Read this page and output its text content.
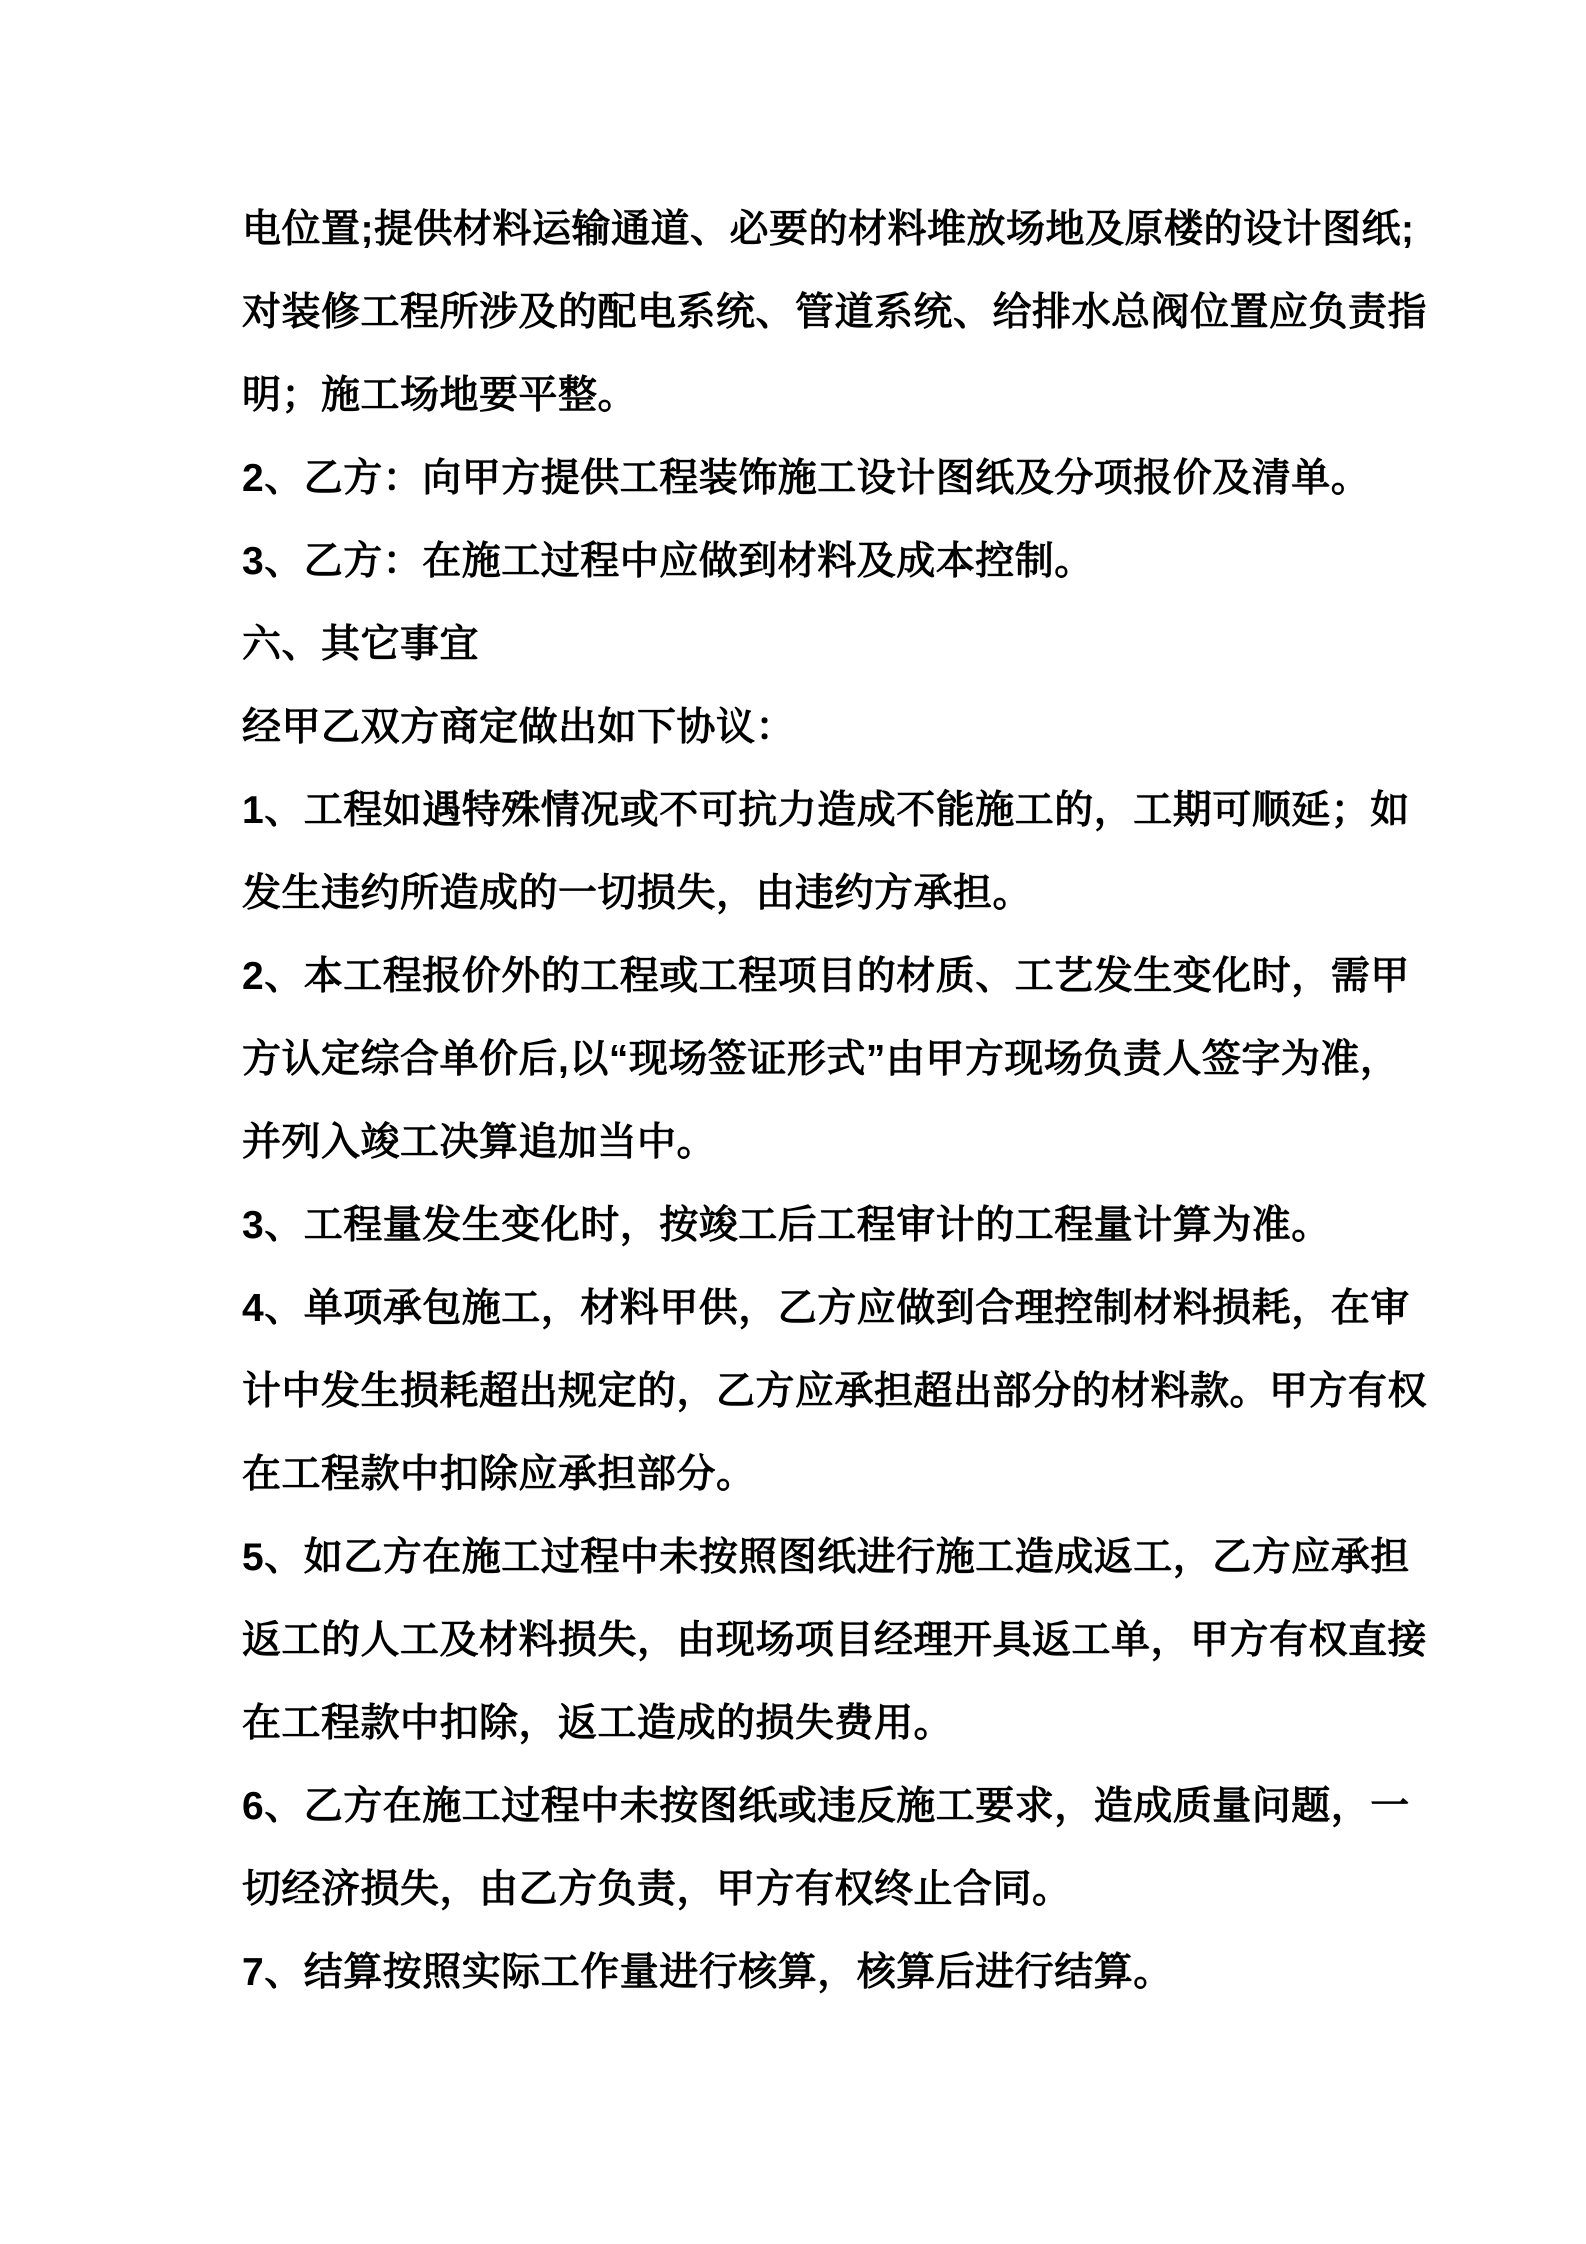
电位置;提供材料运输通道、必要的材料堆放场地及原楼的设计图纸;
对装修工程所涉及的配电系统、管道系统、给排水总阀位置应负责指
明；施工场地要平整。
2、乙方：向甲方提供工程装饰施工设计图纸及分项报价及清单。
3、乙方：在施工过程中应做到材料及成本控制。
六、其它事宜
经甲乙双方商定做出如下协议：
1、工程如遇特殊情况或不可抗力造成不能施工的，工期可顺延；如
发生违约所造成的一切损失，由违约方承担。
2、本工程报价外的工程或工程项目的材质、工艺发生变化时，需甲
方认定综合单价后,以“现场签证形式”由甲方现场负责人签字为准，
并列入竣工决算追加当中。
3、工程量发生变化时，按竣工后工程审计的工程量计算为准。
4、单项承包施工，材料甲供，乙方应做到合理控制材料损耗，在审
计中发生损耗超出规定的，乙方应承担超出部分的材料款。甲方有权
在工程款中扣除应承担部分。
5、如乙方在施工过程中未按照图纸进行施工造成返工，乙方应承担
返工的人工及材料损失，由现场项目经理开具返工单，甲方有权直接
在工程款中扣除，返工造成的损失费用。
6、乙方在施工过程中未按图纸或违反施工要求，造成质量问题，一
切经济损失，由乙方负责，甲方有权终止合同。
7、结算按照实际工作量进行核算，核算后进行结算。
